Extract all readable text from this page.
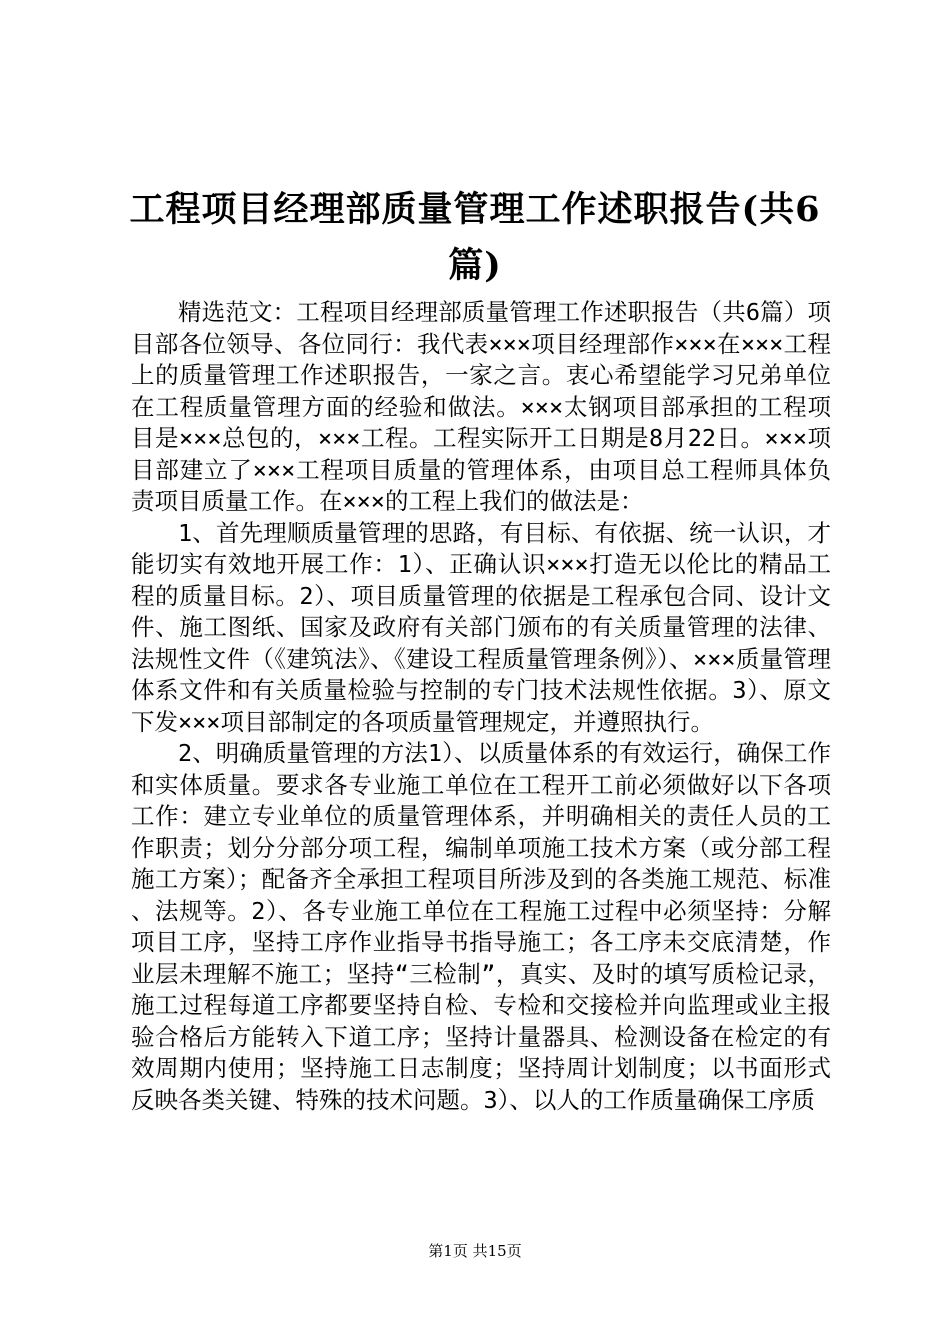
工程项目经理部质量管理工作述职报告(共6篇)

精选范文：工程项目经理部质量管理工作述职报告（共6篇）项目部各位领导、各位同行：我代表×××项目经理部作×××在×××工程上的质量管理工作述职报告，一家之言。衷心希望能学习兄弟单位在工程质量管理方面的经验和做法。×××太钢项目部承担的工程项目是×××总包的，×××工程。工程实际开工日期是8月22日。×××项目部建立了×××工程项目质量的管理体系，由项目总工程师具体负责项目质量工作。在×××的工程上我们的做法是：

1、首先理顺质量管理的思路，有目标、有依据、统一认识，才能切实有效地开展工作：1）、正确认识×××打造无以伦比的精品工程的质量目标。2）、项目质量管理的依据是工程承包合同、设计文件、施工图纸、国家及政府有关部门颁布的有关质量管理的法律、法规性文件（《建筑法》、《建设工程质量管理条例》）、×××质量管理体系文件和有关质量检验与控制的专门技术法规性依据。3）、原文下发×××项目部制定的各项质量管理规定，并遵照执行。

2、明确质量管理的方法1）、以质量体系的有效运行，确保工作和实体质量。要求各专业施工单位在工程开工前必须做好以下各项工作：建立专业单位的质量管理体系，并明确相关的责任人员的工作职责；划分分部分项工程，编制单项施工技术方案（或分部工程施工方案）；配备齐全承担工程项目所涉及到的各类施工规范、标准、法规等。2）、各专业施工单位在工程施工过程中必须坚持：分解项目工序，坚持工序作业指导书指导施工；各工序未交底清楚，作业层未理解不施工；坚持“三检制”，真实、及时的填写质检记录，施工过程每道工序都要坚持自检、专检和交接检并向监理或业主报验合格后方能转入下道工序；坚持计量器具、检测设备在检定的有效周期内使用；坚持施工日志制度；坚持周计划制度；以书面形式反映各类关键、特殊的技术问题。3）、以人的工作质量确保工序质

第1页 共15页
